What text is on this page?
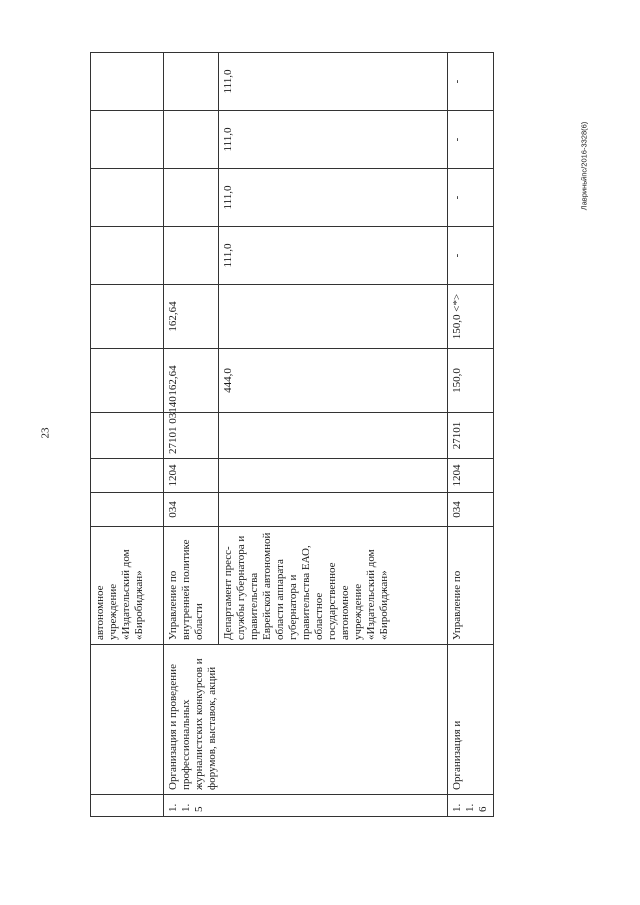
23
Лавриньйпс/2016-3328(6)
		автономное учреждение «Издательский дом «Биробиджан»									
1.1.5	Организация и проведение профессиональных журналистских конкурсов и форумов, выставок, акций	Управление по внутренней политике области	034	1204	27101 03140	162,64	162,64				
		Департамент пресс-службы губернатора и правительства Еврейской автономной области аппарата губернатора и правительства ЕАО, областное государственное автономное учреждение «Издательский дом «Биробиджан»				444,0		111,0	111,0	111,0	111,0
1.1.6	Организация и	Управление по	034	1204	27101	150,0	150,0 <*>	-	-	-	-
